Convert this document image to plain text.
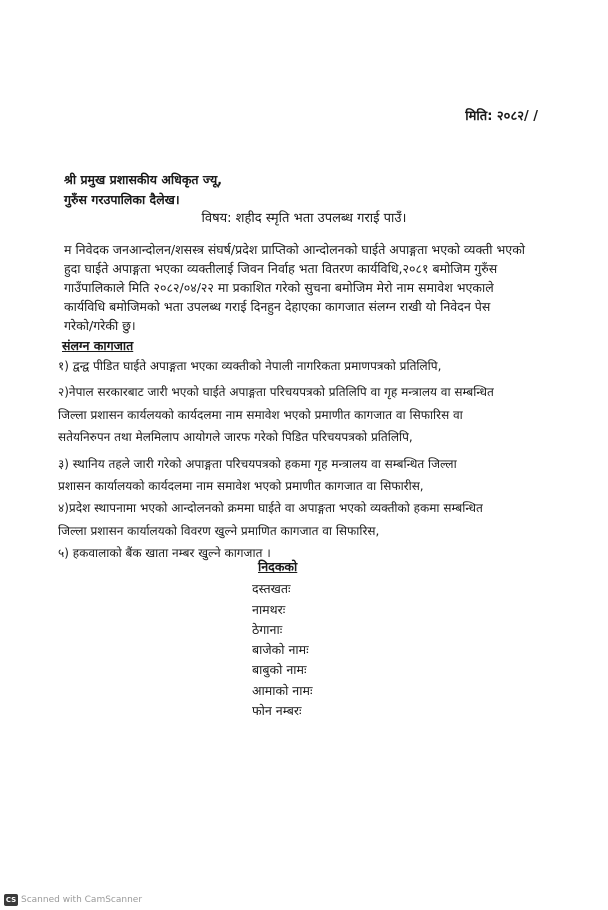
मिति: २०८२/ /
श्री प्रमुख प्रशासकीय अधिकृत ज्यू,
गुरुँस गरउपालिका दैलेख।
विषय: शहीद स्मृति भता उपलब्ध गराई पाउँ।
म निवेदक जनआन्दोलन/शसस्त्र संघर्ष/प्रदेश प्राप्तिको आन्दोलनको घाईते अपाङ्गता भएको व्यक्ती भएको
हुदा घाईते अपाङ्गता भएका व्यक्तीलाई जिवन निर्वाह भता वितरण कार्यविधि,२०८१ बमोजिम गुरुँस
गाउँपालिकाले मिति २०८२/०४/२२ मा प्रकाशित गरेको सुचना बमोजिम मेरो नाम समावेश भएकाले
कार्यविधि बमोजिमको भता उपलब्ध गराई दिनहुन देहाएका कागजात संलग्न राखी यो निवेदन पेस
गरेको/गरेकी छु।
संलग्न कागजात

१) द्वन्द्व पीडित घाईते अपाङ्गता भएका व्यक्तीको नेपाली नागरिकता प्रमाणपत्रको प्रतिलिपि,

२)नेपाल सरकारबाट जारी भएको घाईते अपाङ्गता परिचयपत्रको प्रतिलिपि वा गृह मन्त्रालय वा सम्बन्धित

जिल्ला प्रशासन कार्यलयको कार्यदलमा नाम समावेश भएको प्रमाणीत कागजात वा सिफारिस वा

सतेयनिरुपन तथा मेलमिलाप आयोगले जारफ गरेको पिडित परिचयपत्रको प्रतिलिपि,

३) स्थानिय तहले जारी गरेको अपाङ्गता परिचयपत्रको हकमा गृह मन्त्रालय वा सम्बन्धित जिल्ला

प्रशासन कार्यालयको कार्यदलमा नाम समावेश भएको प्रमाणीत कागजात वा सिफारीस,

४)प्रदेश स्थापनामा भएको आन्दोलनको क्रममा घाईते वा अपाङ्गता भएको व्यक्तीको हकमा सम्बन्धित

जिल्ला प्रशासन कार्यालयको विवरण खुल्ने प्रमाणित कागजात वा सिफारिस,

५) हकवालाको बैंक खाता नम्बर खुल्ने कागजात ।

निदककाे
दस्तखतः
नामथरः
ठेगानाः
बाजेको नामः
बाबुको नामः
आमाको नामः
फोन नम्बरः
CS Scanned with CamScanner
